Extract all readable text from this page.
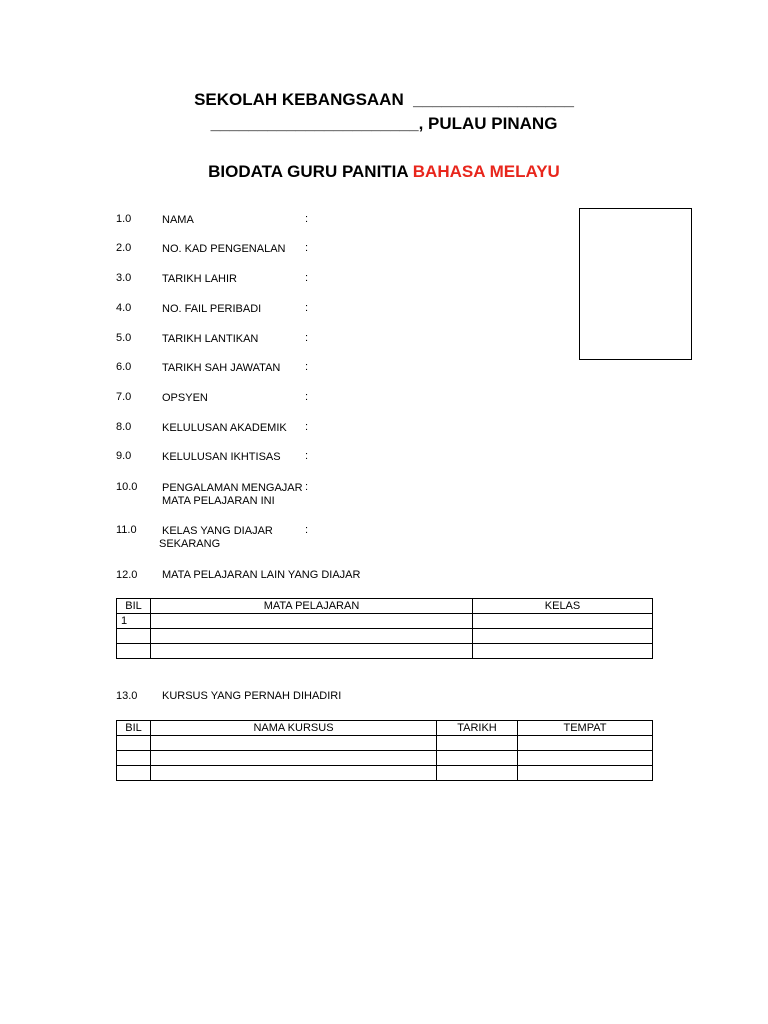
SEKOLAH KEBANGSAAN  _________________
______________________, PULAU PINANG
BIODATA GURU PANITIA BAHASA MELAYU
1.0	NAMA	:
2.0	NO. KAD PENGENALAN	:
3.0	TARIKH LAHIR	:
4.0	NO. FAIL PERIBADI	:
5.0	TARIKH LANTIKAN	:
6.0	TARIKH SAH JAWATAN	:
7.0	OPSYEN	:
8.0	KELULUSAN AKADEMIK	:
9.0	KELULUSAN IKHTISAS	:
10.0	PENGALAMAN MENGAJAR
MATA PELAJARAN INI
:
11.0	KELAS YANG DIAJAR
SEKARANG
:
12.0 MATA PELAJARAN LAIN YANG DIAJAR
BIL	MATA PELAJARAN	KELAS
1		

13.0 KURSUS YANG PERNAH DIHADIRI
BIL	NAMA KURSUS	TARIKH	TEMPAT
